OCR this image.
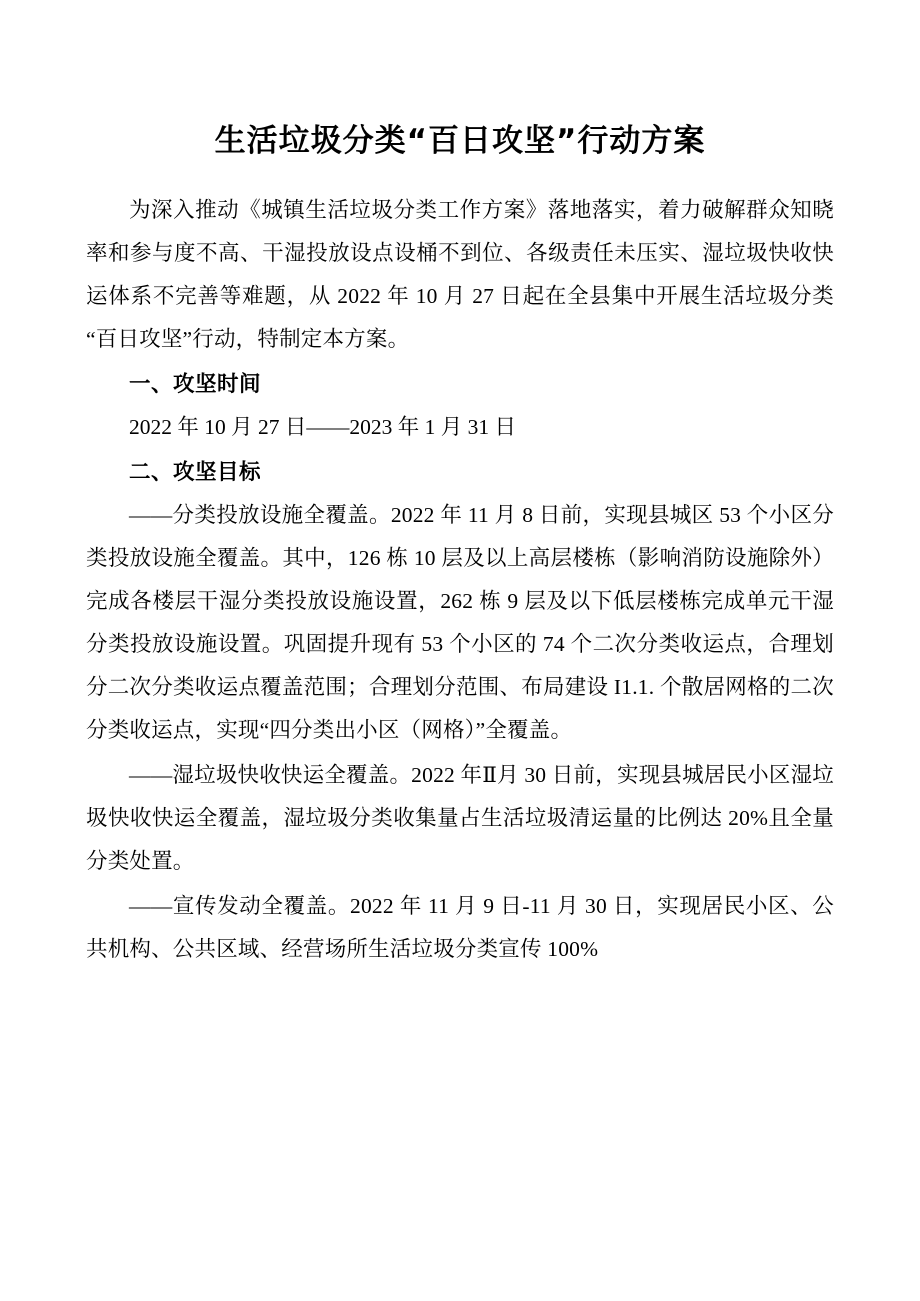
生活垃圾分类“百日攻坚”行动方案

为深入推动《城镇生活垃圾分类工作方案》落地落实，着力破解群众知晓率和参与度不高、干湿投放设点设桶不到位、各级责任未压实、湿垃圾快收快运体系不完善等难题，从 2022 年 10 月 27 日起在全县集中开展生活垃圾分类“百日攻坚”行动，特制定本方案。

一、攻坚时间

2022 年 10 月 27 日——2023 年 1 月 31 日

二、攻坚目标

——分类投放设施全覆盖。2022 年 11 月 8 日前，实现县城区 53 个小区分类投放设施全覆盖。其中，126 栋 10 层及以上高层楼栋（影响消防设施除外）完成各楼层干湿分类投放设施设置，262 栋 9 层及以下低层楼栋完成单元干湿分类投放设施设置。巩固提升现有 53 个小区的 74 个二次分类收运点，合理划分二次分类收运点覆盖范围；合理划分范围、布局建设 I1.1. 个散居网格的二次分类收运点，实现“四分类出小区（网格）”全覆盖。

——湿垃圾快收快运全覆盖。2022 年Ⅱ月 30 日前，实现县城居民小区湿垃圾快收快运全覆盖，湿垃圾分类收集量占生活垃圾清运量的比例达 20%且全量分类处置。

——宣传发动全覆盖。2022 年 11 月 9 日-11 月 30 日，实现居民小区、公共机构、公共区域、经营场所生活垃圾分类宣传 100%
